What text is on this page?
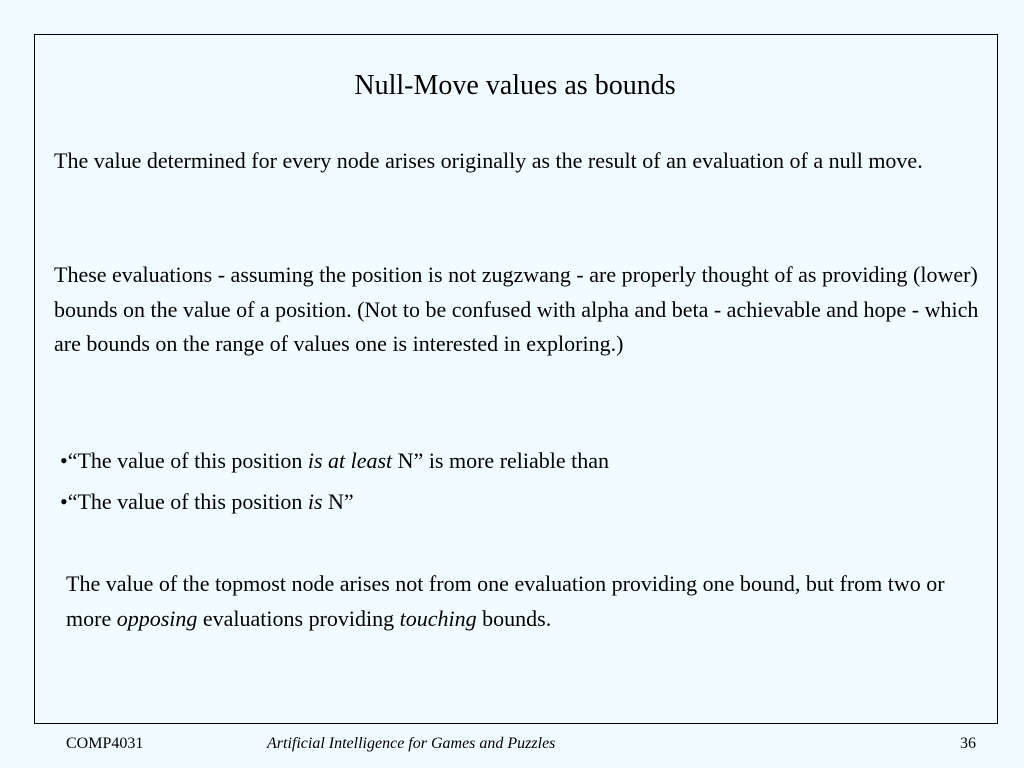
Null-Move values as bounds

The value determined for every node arises originally as the result of an evaluation of a null move.

These evaluations - assuming the position is not zugzwang - are properly thought of as providing (lower) bounds on the value of a position. (Not to be confused with alpha and beta - achievable and hope - which are bounds on the range of values one is interested in exploring.)

•“The value of this position is at least N” is more reliable than

•“The value of this position is N”

The value of the topmost node arises not from one evaluation providing one bound, but from two or more opposing evaluations providing touching bounds.

COMP4031	Artificial Intelligence for Games and Puzzles	36
